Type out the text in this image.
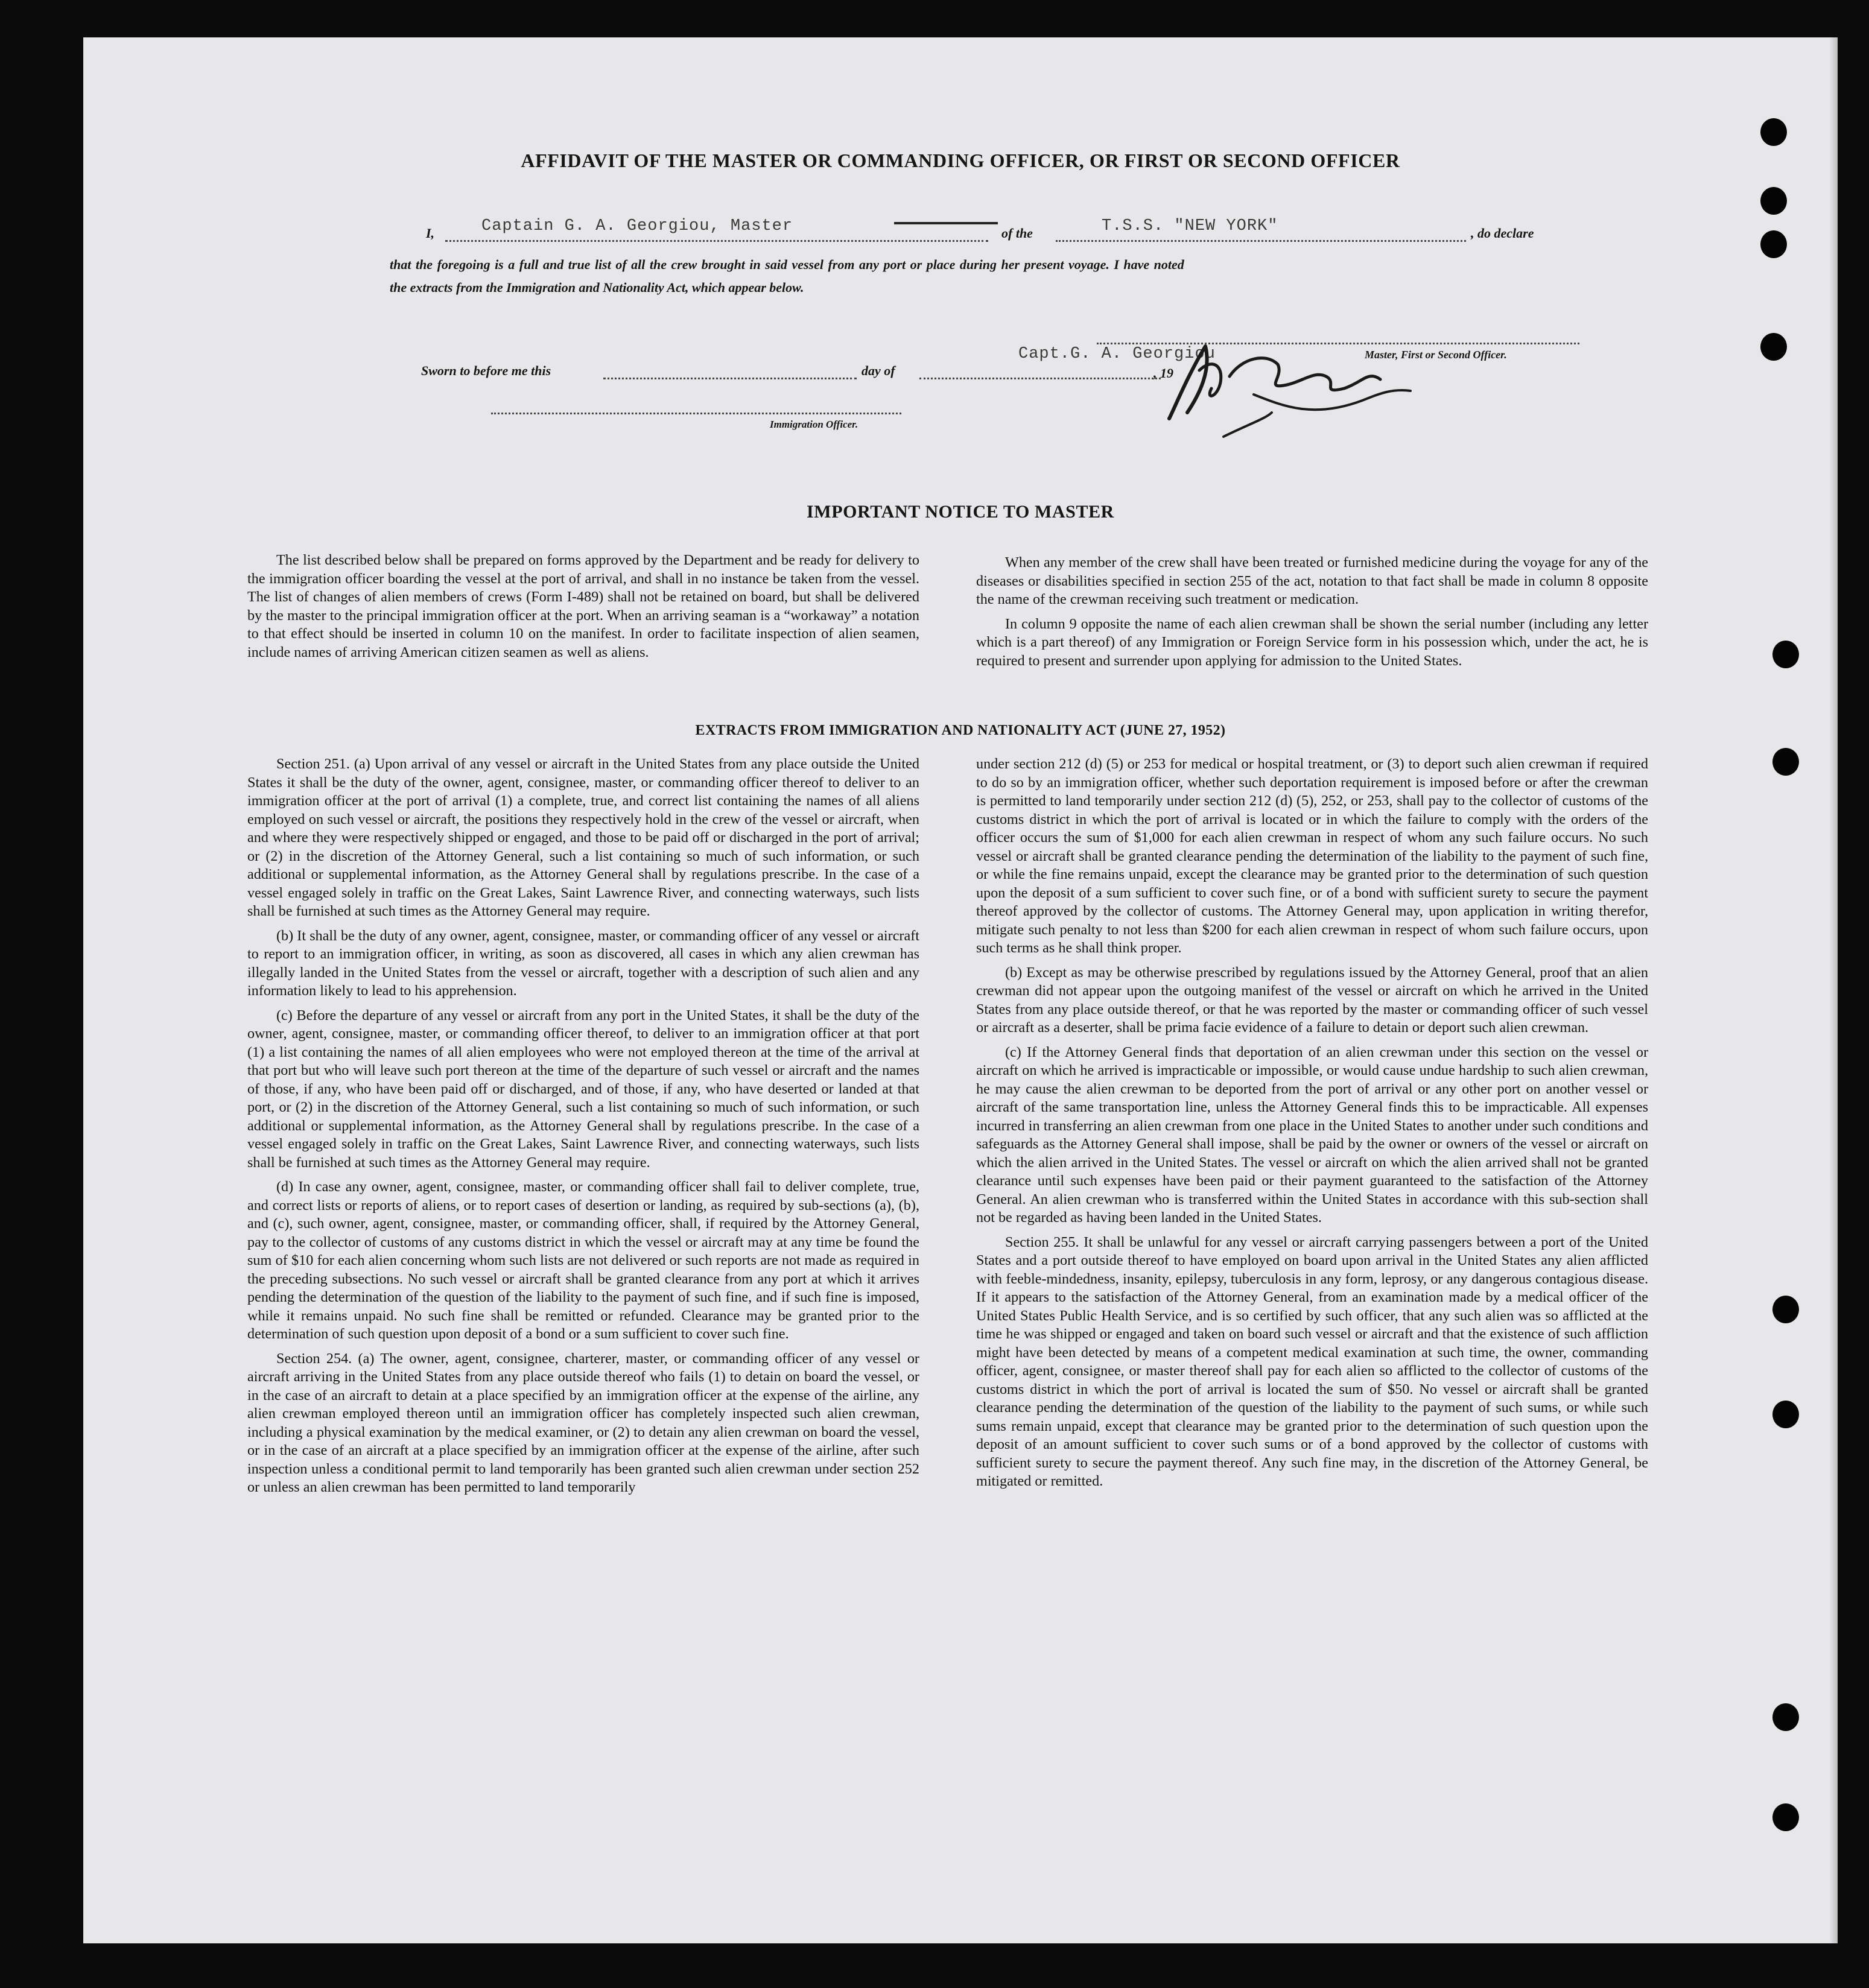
AFFIDAVIT OF THE MASTER OR COMMANDING OFFICER, OR FIRST OR SECOND OFFICER
I,	Captain G. A. Georgiou, Master	of the	T.S.S. "NEW YORK"	, do declare
that the foregoing is a full and true list of all the crew brought in said vessel from any port or place during her present voyage. I have noted
the extracts from the Immigration and Nationality Act, which appear below.
Capt.G. A. Georgiou	Master, First or Second Officer.
Sworn to before me this	day of	, 19
Immigration Officer.
IMPORTANT NOTICE TO MASTER

The list described below shall be prepared on forms approved by the Department and be ready for delivery to the immigration officer boarding the vessel at the port of arrival, and shall in no instance be taken from the vessel. The list of changes of alien members of crews (Form I-489) shall not be retained on board, but shall be delivered by the master to the principal immigration officer at the port. When an arriving seaman is a “workaway” a notation to that effect should be inserted in column 10 on the manifest. In order to facilitate inspection of alien seamen, include names of arriving American citizen seamen as well as aliens.

When any member of the crew shall have been treated or furnished medicine during the voyage for any of the diseases or disabilities specified in section 255 of the act, notation to that fact shall be made in column 8 opposite the name of the crewman receiving such treatment or medication.

In column 9 opposite the name of each alien crewman shall be shown the serial number (including any letter which is a part thereof) of any Immigration or Foreign Service form in his possession which, under the act, he is required to present and surrender upon applying for admission to the United States.

EXTRACTS FROM IMMIGRATION AND NATIONALITY ACT (JUNE 27, 1952)

Section 251. (a) Upon arrival of any vessel or aircraft in the United States from any place outside the United States it shall be the duty of the owner, agent, consignee, master, or commanding officer thereof to deliver to an immigration officer at the port of arrival (1) a complete, true, and correct list containing the names of all aliens employed on such vessel or aircraft, the positions they respectively hold in the crew of the vessel or aircraft, when and where they were respectively shipped or engaged, and those to be paid off or discharged in the port of arrival; or (2) in the discretion of the Attorney General, such a list containing so much of such information, or such additional or supplemental information, as the Attorney General shall by regulations prescribe. In the case of a vessel engaged solely in traffic on the Great Lakes, Saint Lawrence River, and connecting waterways, such lists shall be furnished at such times as the Attorney General may require.

(b) It shall be the duty of any owner, agent, consignee, master, or commanding officer of any vessel or aircraft to report to an immigration officer, in writing, as soon as discovered, all cases in which any alien crewman has illegally landed in the United States from the vessel or aircraft, together with a description of such alien and any information likely to lead to his apprehension.

(c) Before the departure of any vessel or aircraft from any port in the United States, it shall be the duty of the owner, agent, consignee, master, or commanding officer thereof, to deliver to an immigration officer at that port (1) a list containing the names of all alien employees who were not employed thereon at the time of the arrival at that port but who will leave such port thereon at the time of the departure of such vessel or aircraft and the names of those, if any, who have been paid off or discharged, and of those, if any, who have deserted or landed at that port, or (2) in the discretion of the Attorney General, such a list containing so much of such information, or such additional or supplemental information, as the Attorney General shall by regulations prescribe. In the case of a vessel engaged solely in traffic on the Great Lakes, Saint Lawrence River, and connecting waterways, such lists shall be furnished at such times as the Attorney General may require.

(d) In case any owner, agent, consignee, master, or commanding officer shall fail to deliver complete, true, and correct lists or reports of aliens, or to report cases of desertion or landing, as required by sub-sections (a), (b), and (c), such owner, agent, consignee, master, or commanding officer, shall, if required by the Attorney General, pay to the collector of customs of any customs district in which the vessel or aircraft may at any time be found the sum of $10 for each alien concerning whom such lists are not delivered or such reports are not made as required in the preceding subsections. No such vessel or aircraft shall be granted clearance from any port at which it arrives pending the determination of the question of the liability to the payment of such fine, and if such fine is imposed, while it remains unpaid. No such fine shall be remitted or refunded. Clearance may be granted prior to the determination of such question upon deposit of a bond or a sum sufficient to cover such fine.

Section 254. (a) The owner, agent, consignee, charterer, master, or commanding officer of any vessel or aircraft arriving in the United States from any place outside thereof who fails (1) to detain on board the vessel, or in the case of an aircraft to detain at a place specified by an immigration officer at the expense of the airline, any alien crewman employed thereon until an immigration officer has completely inspected such alien crewman, including a physical examination by the medical examiner, or (2) to detain any alien crewman on board the vessel, or in the case of an aircraft at a place specified by an immigration officer at the expense of the airline, after such inspection unless a conditional permit to land temporarily has been granted such alien crewman under section 252 or unless an alien crewman has been permitted to land temporarily

under section 212 (d) (5) or 253 for medical or hospital treatment, or (3) to deport such alien crewman if required to do so by an immigration officer, whether such deportation requirement is imposed before or after the crewman is permitted to land temporarily under section 212 (d) (5), 252, or 253, shall pay to the collector of customs of the customs district in which the port of arrival is located or in which the failure to comply with the orders of the officer occurs the sum of $1,000 for each alien crewman in respect of whom any such failure occurs. No such vessel or aircraft shall be granted clearance pending the determination of the liability to the payment of such fine, or while the fine remains unpaid, except the clearance may be granted prior to the determination of such question upon the deposit of a sum sufficient to cover such fine, or of a bond with sufficient surety to secure the payment thereof approved by the collector of customs. The Attorney General may, upon application in writing therefor, mitigate such penalty to not less than $200 for each alien crewman in respect of whom such failure occurs, upon such terms as he shall think proper.

(b) Except as may be otherwise prescribed by regulations issued by the Attorney General, proof that an alien crewman did not appear upon the outgoing manifest of the vessel or aircraft on which he arrived in the United States from any place outside thereof, or that he was reported by the master or commanding officer of such vessel or aircraft as a deserter, shall be prima facie evidence of a failure to detain or deport such alien crewman.

(c) If the Attorney General finds that deportation of an alien crewman under this section on the vessel or aircraft on which he arrived is impracticable or impossible, or would cause undue hardship to such alien crewman, he may cause the alien crewman to be deported from the port of arrival or any other port on another vessel or aircraft of the same transportation line, unless the Attorney General finds this to be impracticable. All expenses incurred in transferring an alien crewman from one place in the United States to another under such conditions and safeguards as the Attorney General shall impose, shall be paid by the owner or owners of the vessel or aircraft on which the alien arrived in the United States. The vessel or aircraft on which the alien arrived shall not be granted clearance until such expenses have been paid or their payment guaranteed to the satisfaction of the Attorney General. An alien crewman who is transferred within the United States in accordance with this sub-section shall not be regarded as having been landed in the United States.

Section 255. It shall be unlawful for any vessel or aircraft carrying passengers between a port of the United States and a port outside thereof to have employed on board upon arrival in the United States any alien afflicted with feeble-mindedness, insanity, epilepsy, tuberculosis in any form, leprosy, or any dangerous contagious disease. If it appears to the satisfaction of the Attorney General, from an examination made by a medical officer of the United States Public Health Service, and is so certified by such officer, that any such alien was so afflicted at the time he was shipped or engaged and taken on board such vessel or aircraft and that the existence of such affliction might have been detected by means of a competent medical examination at such time, the owner, commanding officer, agent, consignee, or master thereof shall pay for each alien so afflicted to the collector of customs of the customs district in which the port of arrival is located the sum of $50. No vessel or aircraft shall be granted clearance pending the determination of the question of the liability to the payment of such sums, or while such sums remain unpaid, except that clearance may be granted prior to the determination of such question upon the deposit of an amount sufficient to cover such sums or of a bond approved by the collector of customs with sufficient surety to secure the payment thereof. Any such fine may, in the discretion of the Attorney General, be mitigated or remitted.
